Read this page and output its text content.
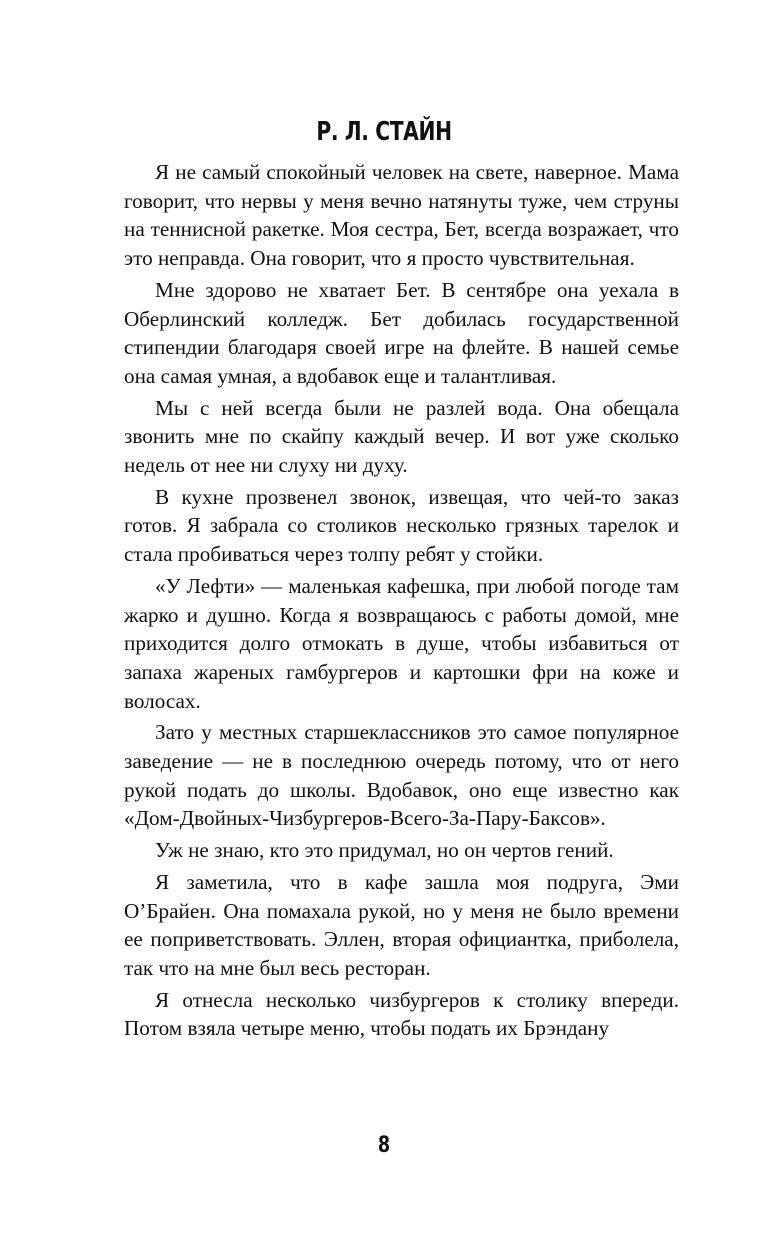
Р. Л. СТАЙН

Я не самый спокойный человек на свете, наверное. Мама говорит, что нервы у меня вечно натянуты туже, чем струны на теннисной ракетке. Моя сестра, Бет, всегда возражает, что это неправда. Она говорит, что я просто чувствительная.

Мне здорово не хватает Бет. В сентябре она уехала в Оберлинский колледж. Бет добилась государственной стипендии благодаря своей игре на флейте. В нашей семье она самая умная, а вдобавок еще и талантливая.

Мы с ней всегда были не разлей вода. Она обещала звонить мне по скайпу каждый вечер. И вот уже сколько недель от нее ни слуху ни духу.

В кухне прозвенел звонок, извещая, что чей-то заказ готов. Я забрала со столиков несколько грязных тарелок и стала пробиваться через толпу ребят у стойки.

«У Лефти» — маленькая кафешка, при любой погоде там жарко и душно. Когда я возвращаюсь с работы домой, мне приходится долго отмокать в душе, чтобы избавиться от запаха жареных гамбургеров и картошки фри на коже и волосах.

Зато у местных старшеклассников это самое популярное заведение — не в последнюю очередь потому, что от него рукой подать до школы. Вдобавок, оно еще известно как «Дом-Двойных-Чизбургеров-Всего-За-Пару-Баксов».

Уж не знаю, кто это придумал, но он чертов гений.

Я заметила, что в кафе зашла моя подруга, Эми О’Брайен. Она помахала рукой, но у меня не было времени ее поприветствовать. Эллен, вторая официантка, приболела, так что на мне был весь ресторан.

Я отнесла несколько чизбургеров к столику впереди. Потом взяла четыре меню, чтобы подать их Брэндану

8
